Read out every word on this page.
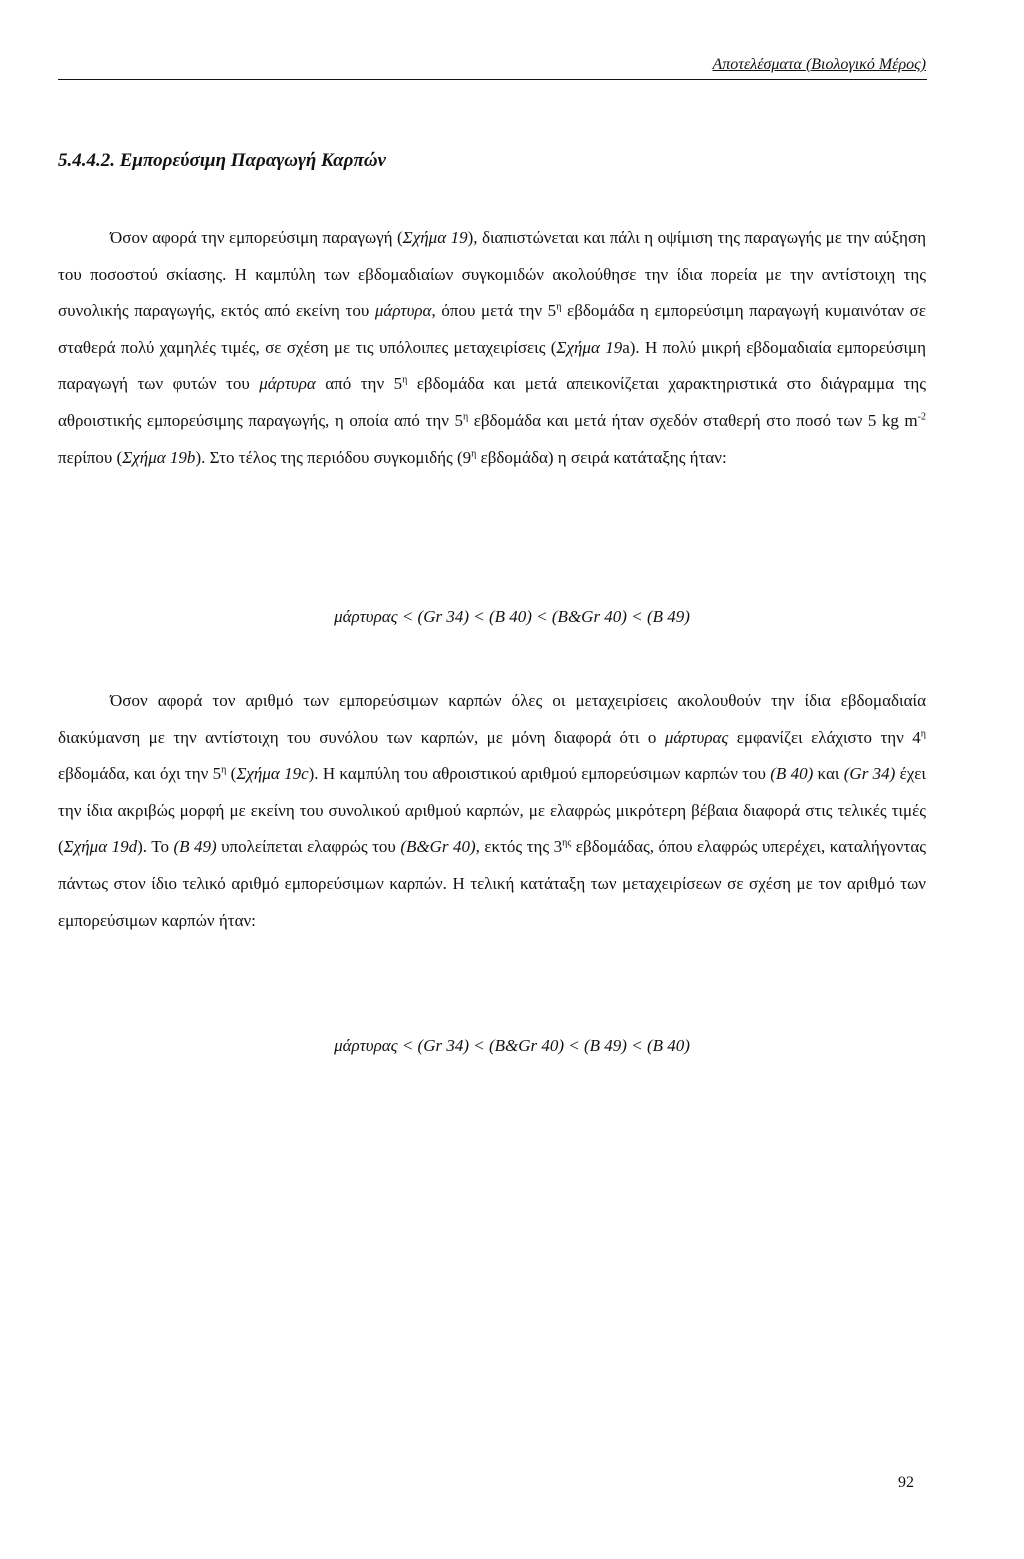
Αποτελέσματα (Βιολογικό Μέρος)
5.4.4.2. Εμπορεύσιμη Παραγωγή Καρπών

Όσον αφορά την εμπορεύσιμη παραγωγή (Σχήμα 19), διαπιστώνεται και πάλι η οψίμιση της παραγωγής με την αύξηση του ποσοστού σκίασης. Η καμπύλη των εβδομαδιαίων συγκομιδών ακολούθησε την ίδια πορεία με την αντίστοιχη της συνολικής παραγωγής, εκτός από εκείνη του μάρτυρα, όπου μετά την $5^\eta$ εβδομάδα η εμπορεύσιμη παραγωγή κυμαινόταν σε σταθερά πολύ χαμηλές τιμές, σε σχέση με τις υπόλοιπες μεταχειρίσεις (Σχήμα 19a). Η πολύ μικρή εβδομαδιαία εμπορεύσιμη παραγωγή των φυτών του μάρτυρα από την $5^\eta$ εβδομάδα και μετά απεικονίζεται χαρακτηριστικά στο διάγραμμα της αθροιστικής εμπορεύσιμης παραγωγής, η οποία από την $5^\eta$ εβδομάδα και μετά ήταν σχεδόν σταθερή στο ποσό των 5 kg $m^{-2}$ περίπου (Σχήμα 19b). Στο τέλος της περιόδου συγκομιδής ($9^\eta$ εβδομάδα) η σειρά κατάταξης ήταν:

μάρτυρας < (Gr 34) < (B 40) < (B&Gr 40) < (B 49)

Όσον αφορά τον αριθμό των εμπορεύσιμων καρπών όλες οι μεταχειρίσεις ακολουθούν την ίδια εβδομαδιαία διακύμανση με την αντίστοιχη του συνόλου των καρπών, με μόνη διαφορά ότι ο μάρτυρας εμφανίζει ελάχιστο την $4^\eta$ εβδομάδα, και όχι την $5^\eta$ (Σχήμα 19c). Η καμπύλη του αθροιστικού αριθμού εμπορεύσιμων καρπών του (B 40) και (Gr 34) έχει την ίδια ακριβώς μορφή με εκείνη του συνολικού αριθμού καρπών, με ελαφρώς μικρότερη βέβαια διαφορά στις τελικές τιμές (Σχήμα 19d). Το (B 49) υπολείπεται ελαφρώς του (B&Gr 40), εκτός της $3^{\eta\varsigma}$ εβδομάδας, όπου ελαφρώς υπερέχει, καταλήγοντας πάντως στον ίδιο τελικό αριθμό εμπορεύσιμων καρπών. Η τελική κατάταξη των μεταχειρίσεων σε σχέση με τον αριθμό των εμπορεύσιμων καρπών ήταν:

μάρτυρας < (Gr 34) < (B&Gr 40) < (B 49) < (B 40)
92
